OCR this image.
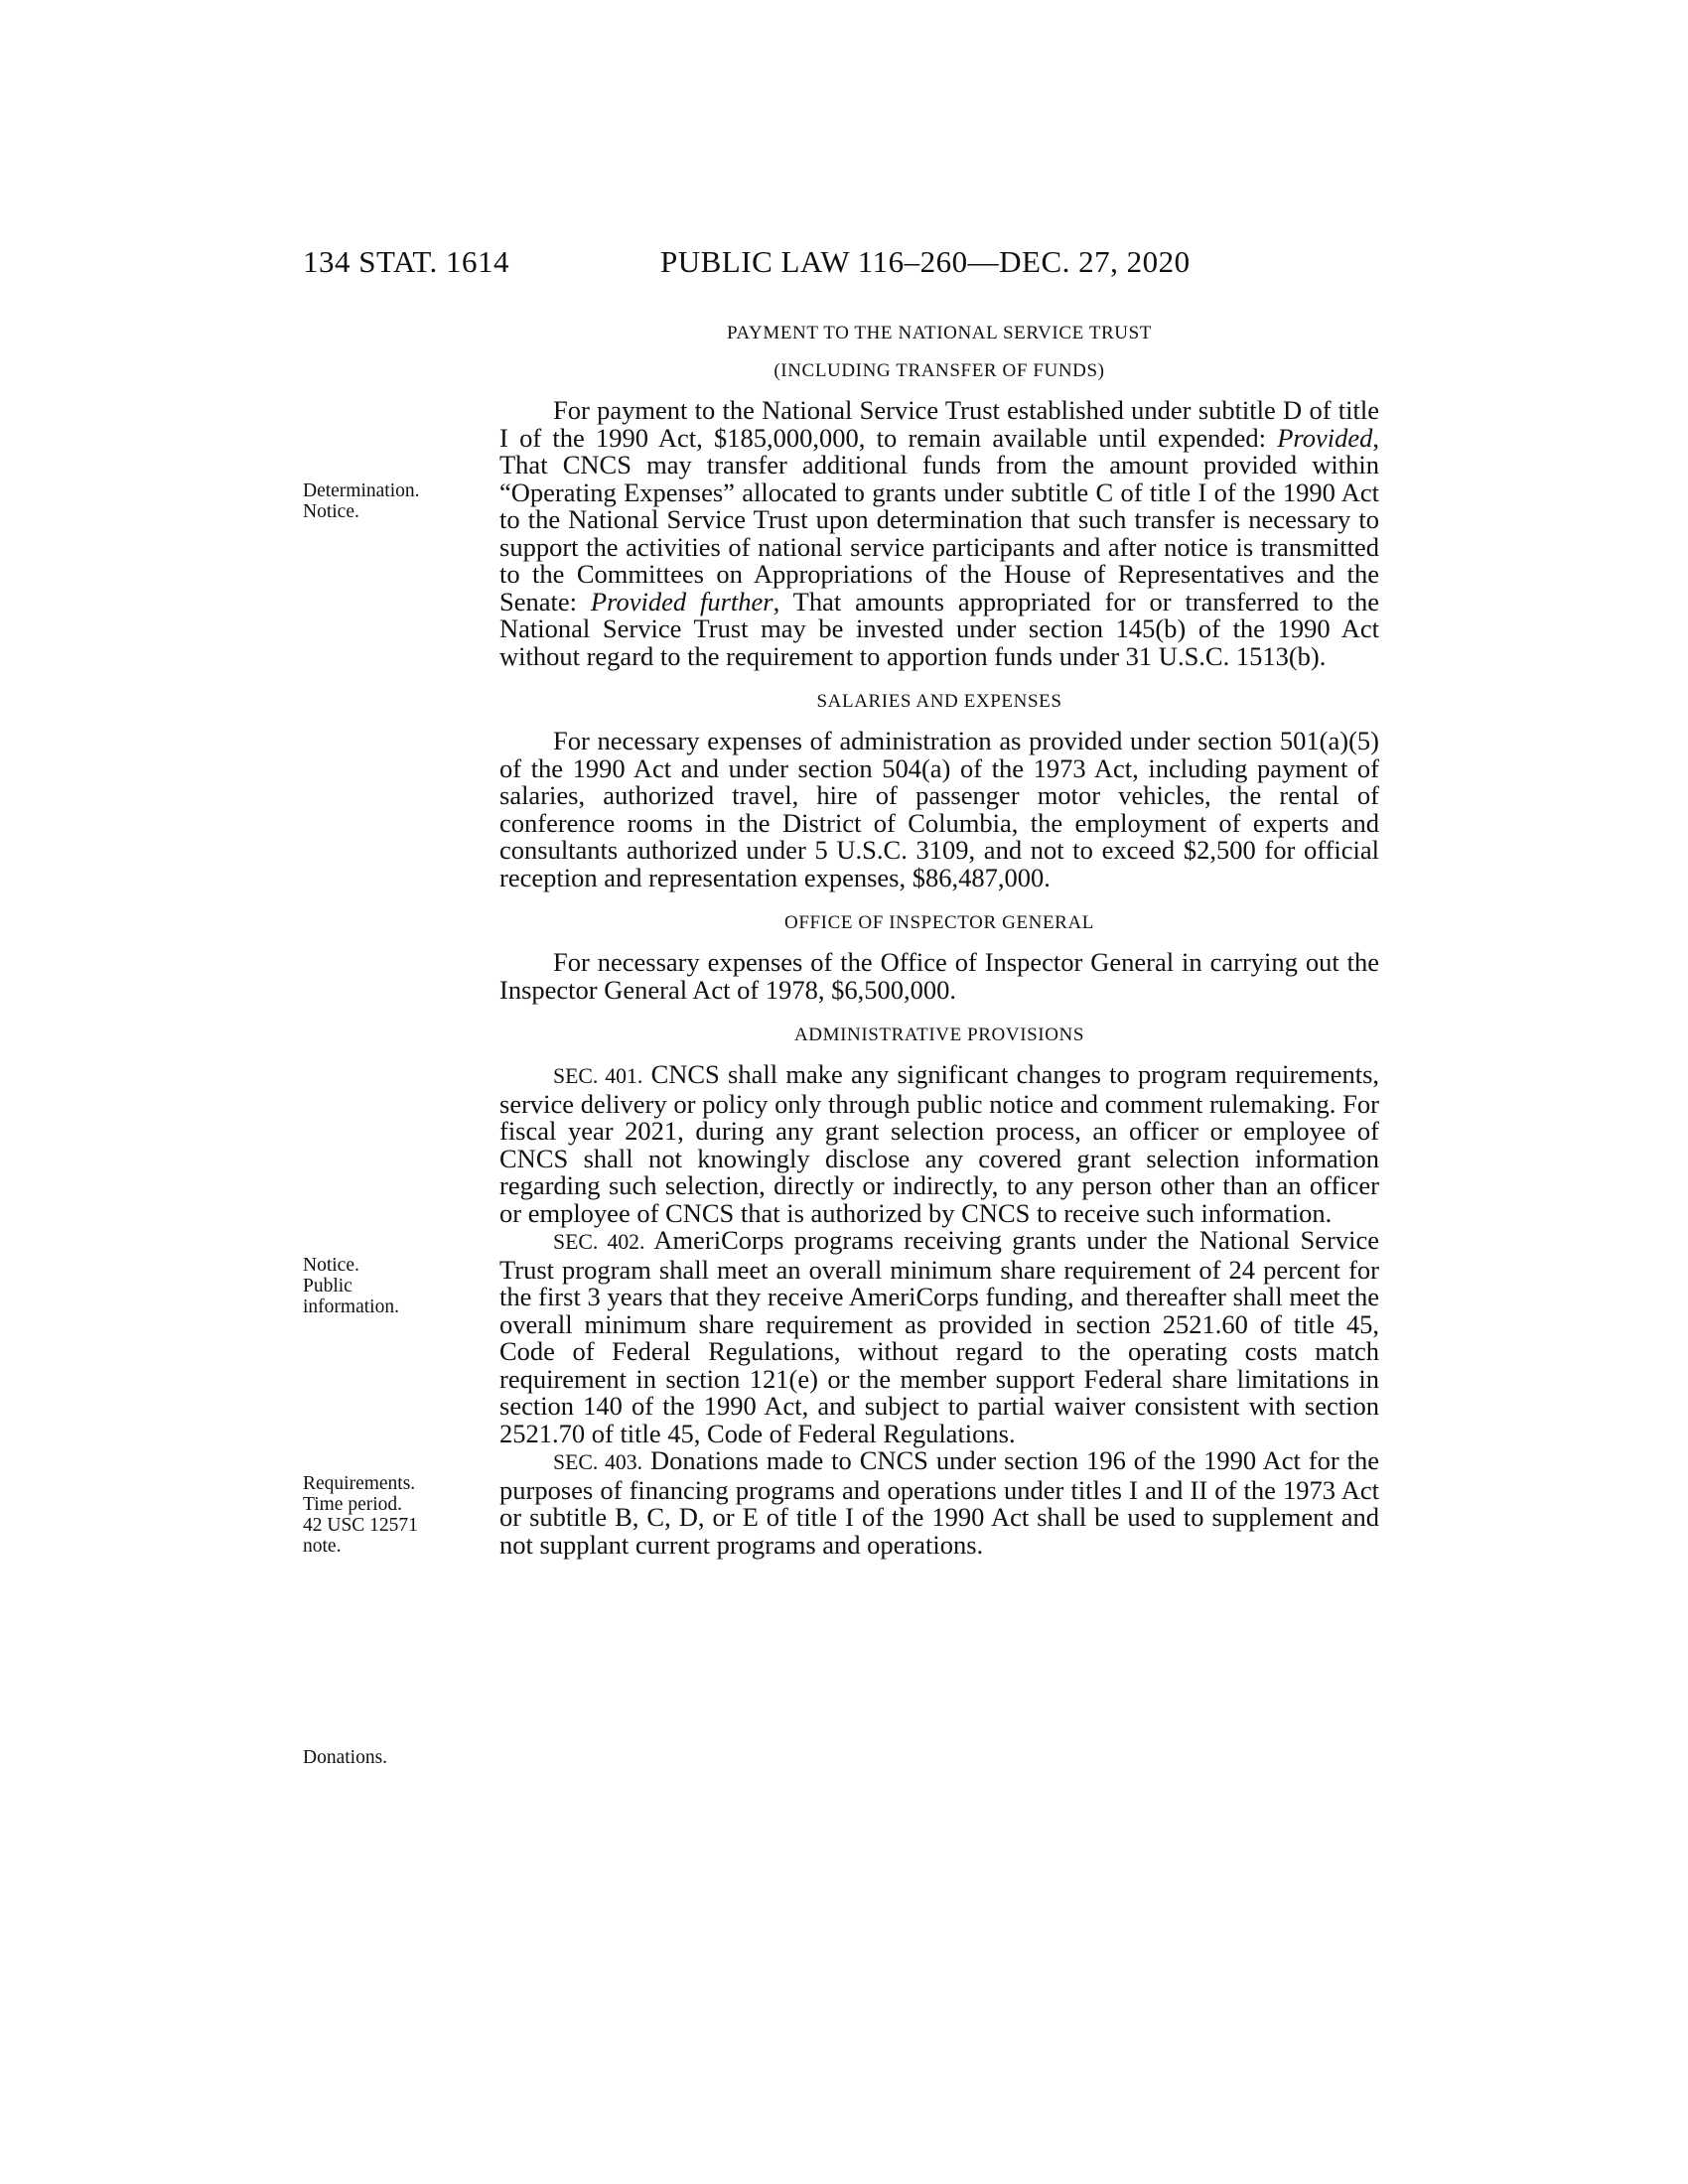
134 STAT. 1614	PUBLIC LAW 116–260—DEC. 27, 2020
Determination.
Notice.
Notice.
Public
information.
Requirements.
Time period.
42 USC 12571
note.
Donations.
PAYMENT TO THE NATIONAL SERVICE TRUST
(INCLUDING TRANSFER OF FUNDS)

For payment to the National Service Trust established under subtitle D of title I of the 1990 Act, $185,000,000, to remain available until expended: Provided, That CNCS may transfer additional funds from the amount provided within “Operating Expenses” allocated to grants under subtitle C of title I of the 1990 Act to the National Service Trust upon determination that such transfer is necessary to support the activities of national service participants and after notice is transmitted to the Committees on Appropriations of the House of Representatives and the Senate: Provided further, That amounts appropriated for or transferred to the National Service Trust may be invested under section 145(b) of the 1990 Act without regard to the requirement to apportion funds under 31 U.S.C. 1513(b).

SALARIES AND EXPENSES

For necessary expenses of administration as provided under section 501(a)(5) of the 1990 Act and under section 504(a) of the 1973 Act, including payment of salaries, authorized travel, hire of passenger motor vehicles, the rental of conference rooms in the District of Columbia, the employment of experts and consultants authorized under 5 U.S.C. 3109, and not to exceed $2,500 for official reception and representation expenses, $86,487,000.

OFFICE OF INSPECTOR GENERAL

For necessary expenses of the Office of Inspector General in carrying out the Inspector General Act of 1978, $6,500,000.

ADMINISTRATIVE PROVISIONS

SEC. 401. CNCS shall make any significant changes to program requirements, service delivery or policy only through public notice and comment rulemaking. For fiscal year 2021, during any grant selection process, an officer or employee of CNCS shall not knowingly disclose any covered grant selection information regarding such selection, directly or indirectly, to any person other than an officer or employee of CNCS that is authorized by CNCS to receive such information.

SEC. 402. AmeriCorps programs receiving grants under the National Service Trust program shall meet an overall minimum share requirement of 24 percent for the first 3 years that they receive AmeriCorps funding, and thereafter shall meet the overall minimum share requirement as provided in section 2521.60 of title 45, Code of Federal Regulations, without regard to the operating costs match requirement in section 121(e) or the member support Federal share limitations in section 140 of the 1990 Act, and subject to partial waiver consistent with section 2521.70 of title 45, Code of Federal Regulations.

SEC. 403. Donations made to CNCS under section 196 of the 1990 Act for the purposes of financing programs and operations under titles I and II of the 1973 Act or subtitle B, C, D, or E of title I of the 1990 Act shall be used to supplement and not supplant current programs and operations.
